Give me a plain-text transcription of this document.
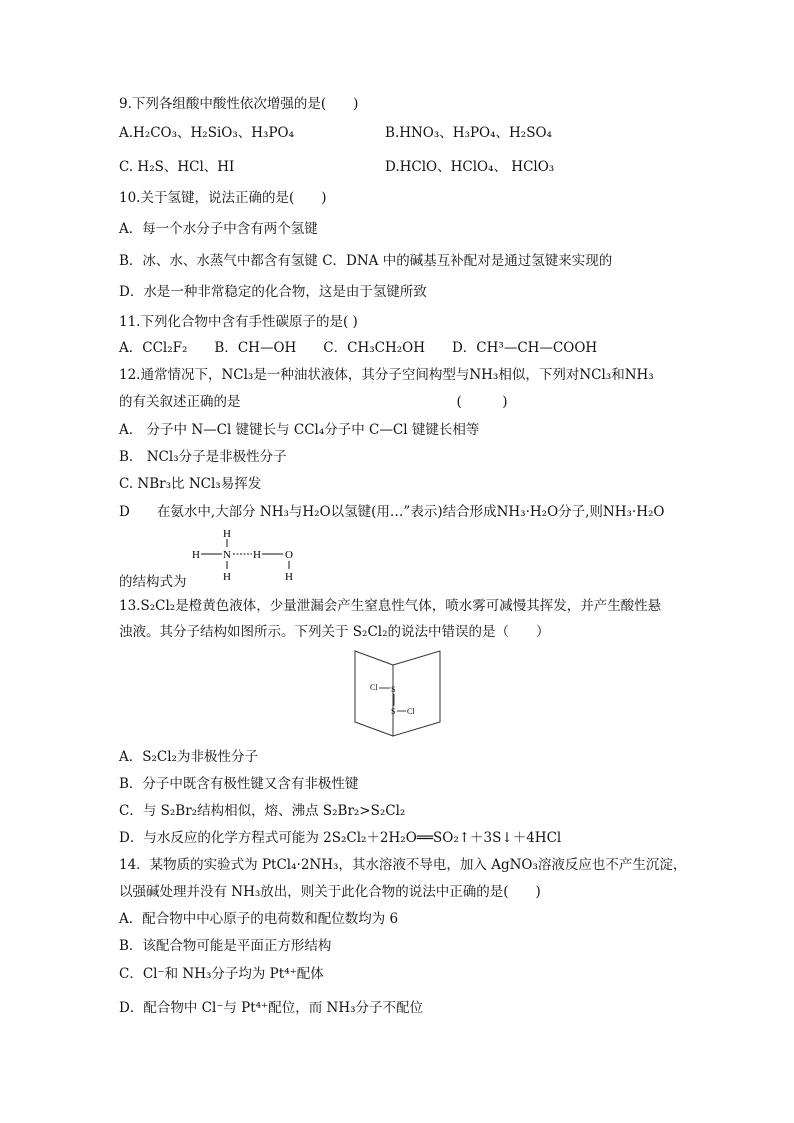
9.下列各组酸中酸性依次增强的是(　　)
A.H₂CO₃、H₂SiO₃、H₃PO₄	B.HNO₃、H₃PO₄、H₂SO₄
C. H₂S、HCl、HI	D.HClO、HClO₄、 HClO₃
10.关于氢键，说法正确的是(　　)
A．每一个水分子中含有两个氢键
B．冰、水、水蒸气中都含有氢键 C．DNA 中的碱基互补配对是通过氢键来实现的
D．水是一种非常稳定的化合物，这是由于氢键所致
11.下列化合物中含有手性碳原子的是( )
A．CCl₂F₂　　B．CH—OH　　C．CH₃CH₂OH　　D．CH³—CH—COOH
12.通常情况下，NCl₃是一种油状液体，其分子空间构型与NH₃相似，下列对NCl₃和NH₃
的有关叙述正确的是　　　　　　　　　　　　　　　　(　　　)
A． 分子中 N—Cl 键键长与 CCl₄分子中 C—Cl 键键长相等
B． NCl₃分子是非极性分子
C. NBr₃比 NCl₃易挥发
D　　在氨水中,大部分 NH₃与H₂O以氢键(用…”表示)结合形成NH₃·H₂O分子,则NH₃·H₂O
H
H N H O
H	H
的结构式为
13.S₂Cl₂是橙黄色液体，少量泄漏会产生窒息性气体，喷水雾可减慢其挥发，并产生酸性悬
浊液。其分子结构如图所示。下列关于 S₂Cl₂的说法中错误的是（　　）
Cl S
S Cl
A．S₂Cl₂为非极性分子
B．分子中既含有极性键又含有非极性键
C．与 S₂Br₂结构相似，熔、沸点 S₂Br₂>S₂Cl₂
D．与水反应的化学方程式可能为 2S₂Cl₂＋2H₂O══SO₂↑＋3S↓＋4HCl
14．某物质的实验式为 PtCl₄·2NH₃，其水溶液不导电，加入 AgNO₃溶液反应也不产生沉淀，
以强碱处理并没有 NH₃放出，则关于此化合物的说法中正确的是(　　)
A．配合物中中心原子的电荷数和配位数均为 6
B．该配合物可能是平面正方形结构
C．Cl⁻和 NH₃分子均为 Pt⁴⁺配体
D．配合物中 Cl⁻与 Pt⁴⁺配位，而 NH₃分子不配位
